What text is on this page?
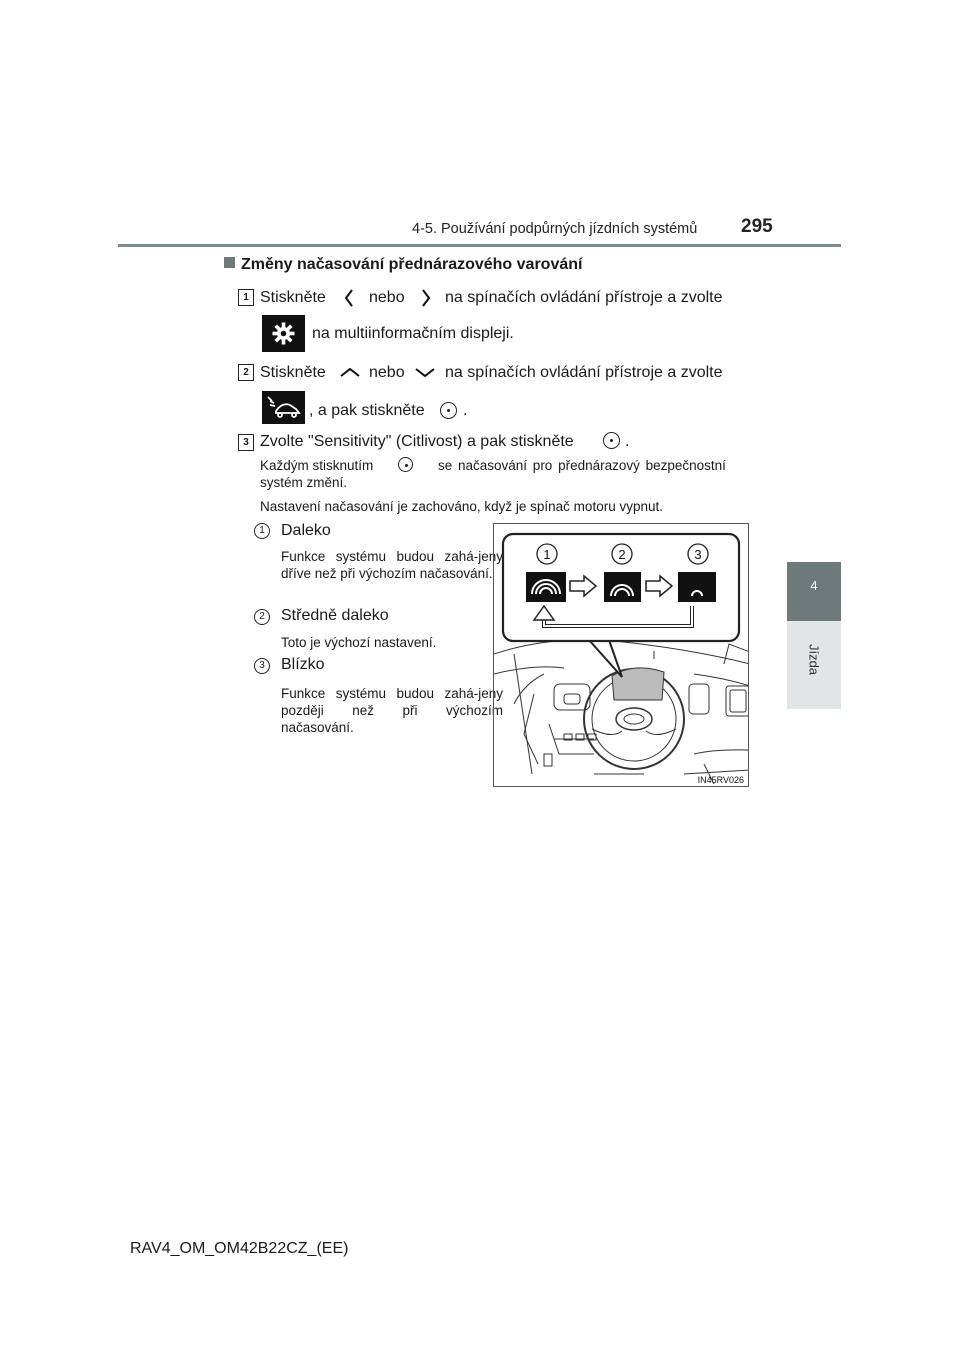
4-5. Používání podpůrných jízdních systémů 295
4
Jízda
Změny načasování přednárazového varování
1 Stiskněte	nebo	na spínačích ovládání přístroje a zvolte
na multiinformačním displeji.
2 Stiskněte	nebo	na spínačích ovládání přístroje a zvolte
, a pak stiskněte .
3 Zvolte "Sensitivity" (Citlivost) a pak stiskněte	.
Každým stisknutím	se načasování pro přednárazový bezpečnostní
systém změní.
Nastavení načasování je zachováno, když je spínač motoru vypnut.
1	Daleko
Funkce systému budou zahá-jeny dříve než při výchozím načasování.
2	Středně daleko
Toto je výchozí nastavení.
3	Blízko
Funkce systému budou zahá-jeny později než při výchozím načasování.
1	2	3
IN45RV026
RAV4_OM_OM42B22CZ_(EE)
